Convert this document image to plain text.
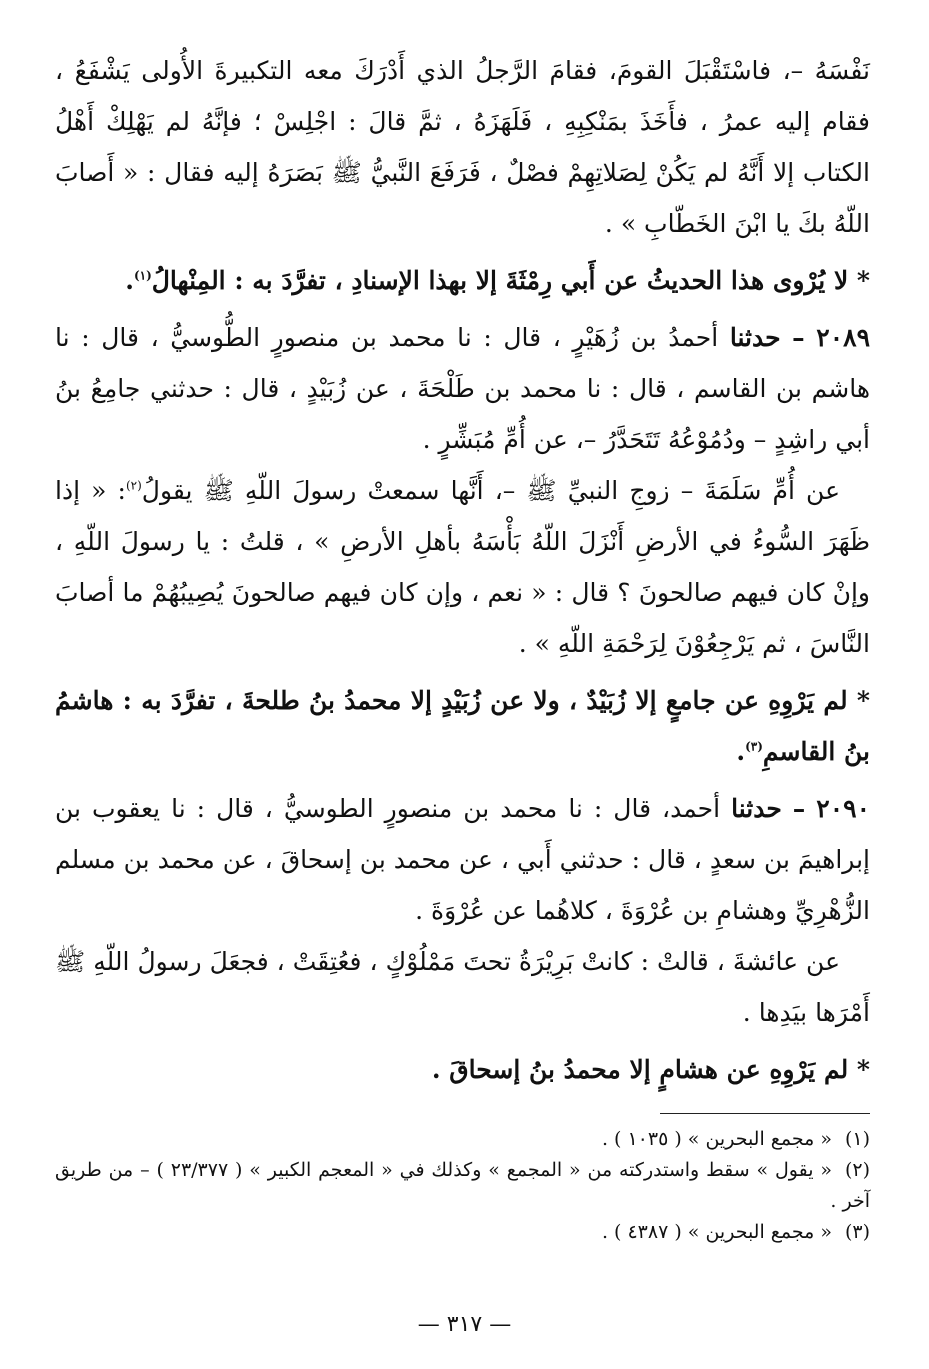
نَفْسَهُ –، فاسْتَقْبَلَ القومَ، فقامَ الرَّجلُ الذي أَدْرَكَ معه التكبيرةَ الأُولى يَشْفَعُ ، فقام إليه عمرُ ، فأَخَذَ بمَنْكِبِهِ ، فَلَهَزَهُ ، ثمَّ قالَ : اجْلِسْ ؛ فإنَّهُ لم يَهْلِكْ أَهْلُ الكتاب إلا أَنَّهُ لم يَكُنْ لِصَلاتِهِمْ فصْلٌ ، فَرَفَعَ النَّبيُّ ﷺ بَصَرَهُ إليه فقال : « أَصابَ اللّهُ بكَ يا ابْنَ الخَطّابِ » .

* لا يُرْوى هذا الحديثُ عن أَبي رِمْثَةَ إلا بهذا الإسنادِ ، تفرَّدَ به : المِنْهالُ$^{(١)}$.

٢٠٨٩ – حدثنا أحمدُ بن زُهَيْرٍ ، قال : نا محمد بن منصورٍ الطُّوسيُّ ، قال : نا هاشم بن القاسم ، قال : نا محمد بن طَلْحَةَ ، عن زُبَيْدٍ ، قال : حدثني جامِعُ بنُ أبي راشِدٍ – ودُمُوْعُهُ تَتَحَدَّرُ –، عن أُمِّ مُبَشِّرٍ .

عن أُمِّ سَلَمَةَ – زوجِ النبيِّ ﷺ –، أَنَّها سمعتْ رسولَ اللّهِ ﷺ يقولُ$^{(٢)}$: « إذا ظَهَرَ السُّوءُ في الأرضِ أَنْزَلَ اللّهُ بَأْسَهُ بأهلِ الأرضِ » ، قلتُ : يا رسولَ اللّهِ ، وإنْ كان فيهم صالحونَ ؟ قال : « نعم ، وإن كان فيهم صالحونَ يُصِيبُهُمْ ما أصابَ النَّاسَ ، ثم يَرْجِعُوْنَ لِرَحْمَةِ اللّهِ » .

* لم يَرْوِهِ عن جامعٍ إلا زُبَيْدٌ ، ولا عن زُبَيْدٍ إلا محمدُ بنُ طلحةَ ، تفرَّدَ به : هاشمُ بنُ القاسمِ$^{(٣)}$.

٢٠٩٠ – حدثنا أحمد، قال : نا محمد بن منصورٍ الطوسيُّ ، قال : نا يعقوب بن إبراهيمَ بن سعدٍ ، قال : حدثني أَبي ، عن محمد بن إسحاقَ ، عن محمد بن مسلم الزُّهْرِيِّ وهشامِ بن عُرْوَةَ ، كلاهُما عن عُرْوَةَ .

عن عائشةَ ، قالتْ : كانتْ بَرِيْرَةُ تحتَ مَمْلُوْكٍ ، فعُتِقَتْ ، فجعَلَ رسولُ اللّهِ ﷺ أَمْرَها بيَدِها .

* لم يَرْوِهِ عن هشامٍ إلا محمدُ بنُ إسحاقَ .

(١)« مجمع البحرين » ( ١٠٣٥ ) .

(٢)« يقول » سقط واستدركته من « المجمع » وكذلك في « المعجم الكبير » ( ٢٣/٣٧٧ ) – من طريق آخر .

(٣)« مجمع البحرين » ( ٤٣٨٧ ) .

— ٣١٧ —
